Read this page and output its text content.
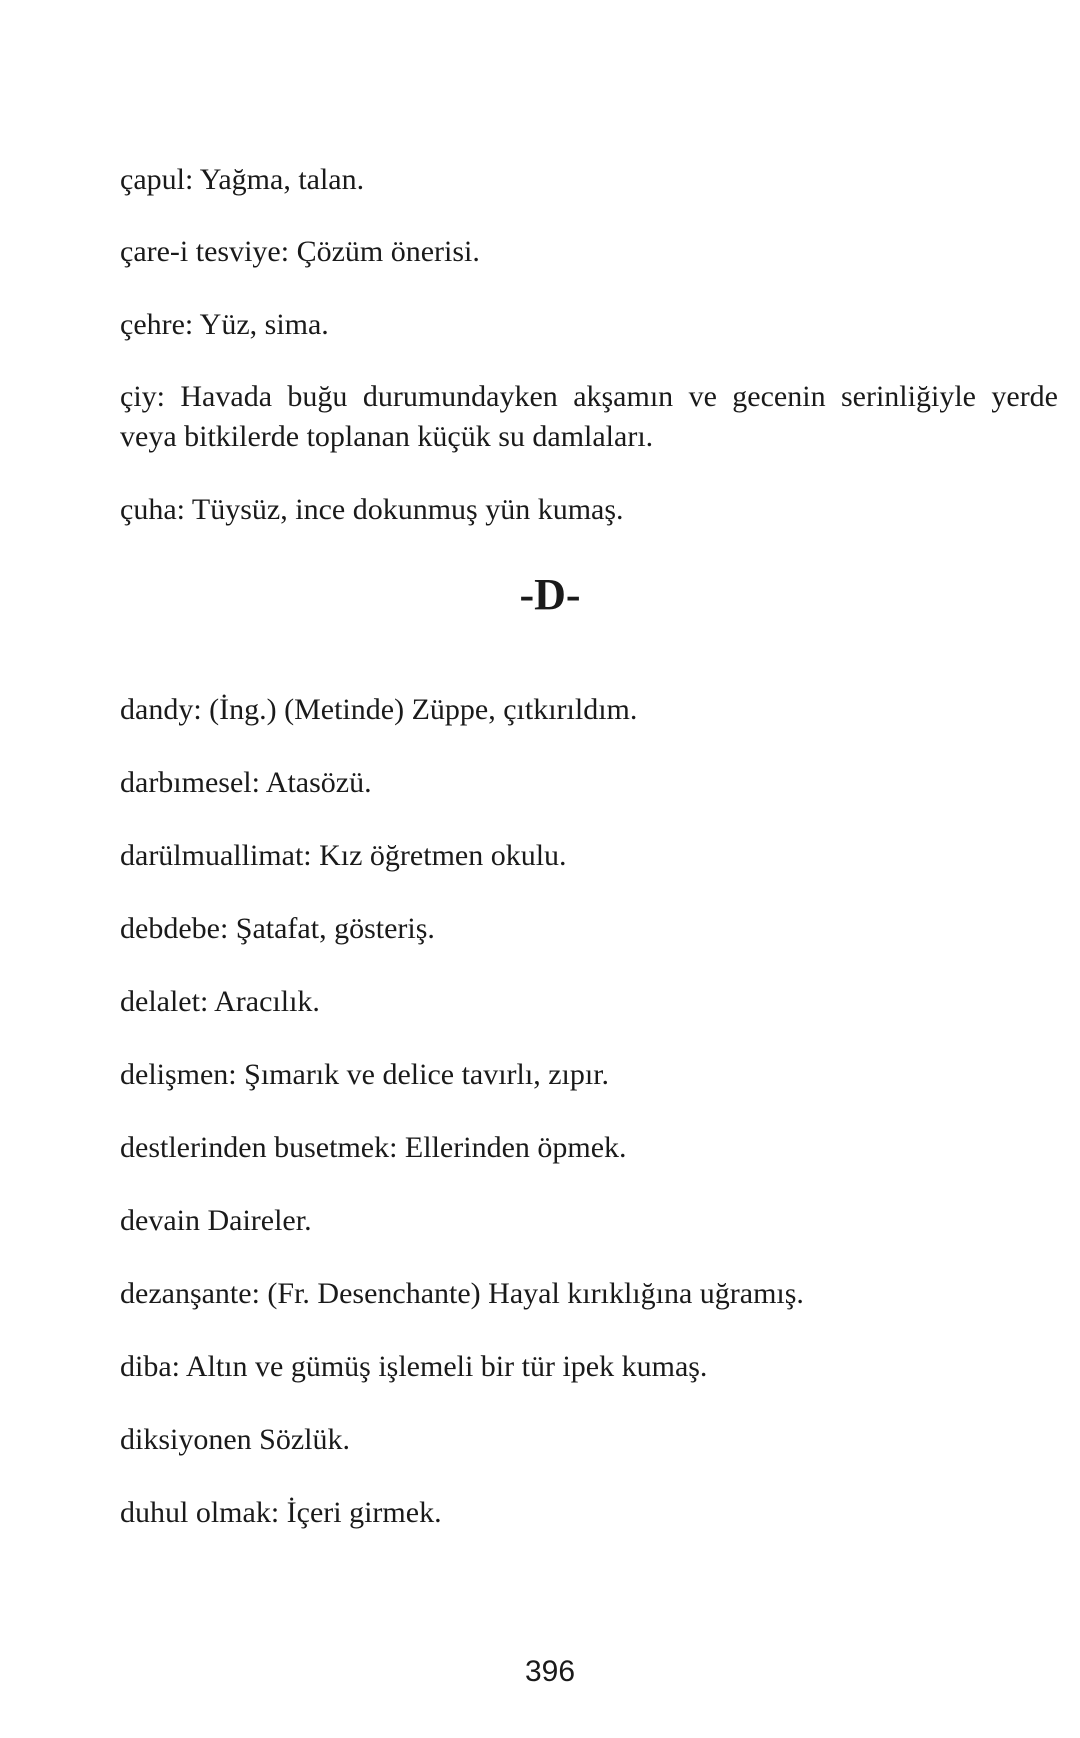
çapul: Yağma, talan.

çare-i tesviye: Çözüm önerisi.

çehre: Yüz, sima.

çiy: Havada buğu durumundayken akşamın ve gecenin serinliğiyle yerde veya bitkilerde toplanan küçük su damlaları.

çuha: Tüysüz, ince dokunmuş yün kumaş.

-D-

dandy: (İng.) (Metinde) Züppe, çıtkırıldım.

darbımesel: Atasözü.

darülmuallimat: Kız öğretmen okulu.

debdebe: Şatafat, gösteriş.

delalet: Aracılık.

delişmen: Şımarık ve delice tavırlı, zıpır.

destlerinden busetmek: Ellerinden öpmek.

devain Daireler.

dezanşante: (Fr. Desenchante) Hayal kırıklığına uğramış.

diba: Altın ve gümüş işlemeli bir tür ipek kumaş.

diksiyonen Sözlük.

duhul olmak: İçeri girmek.

396
